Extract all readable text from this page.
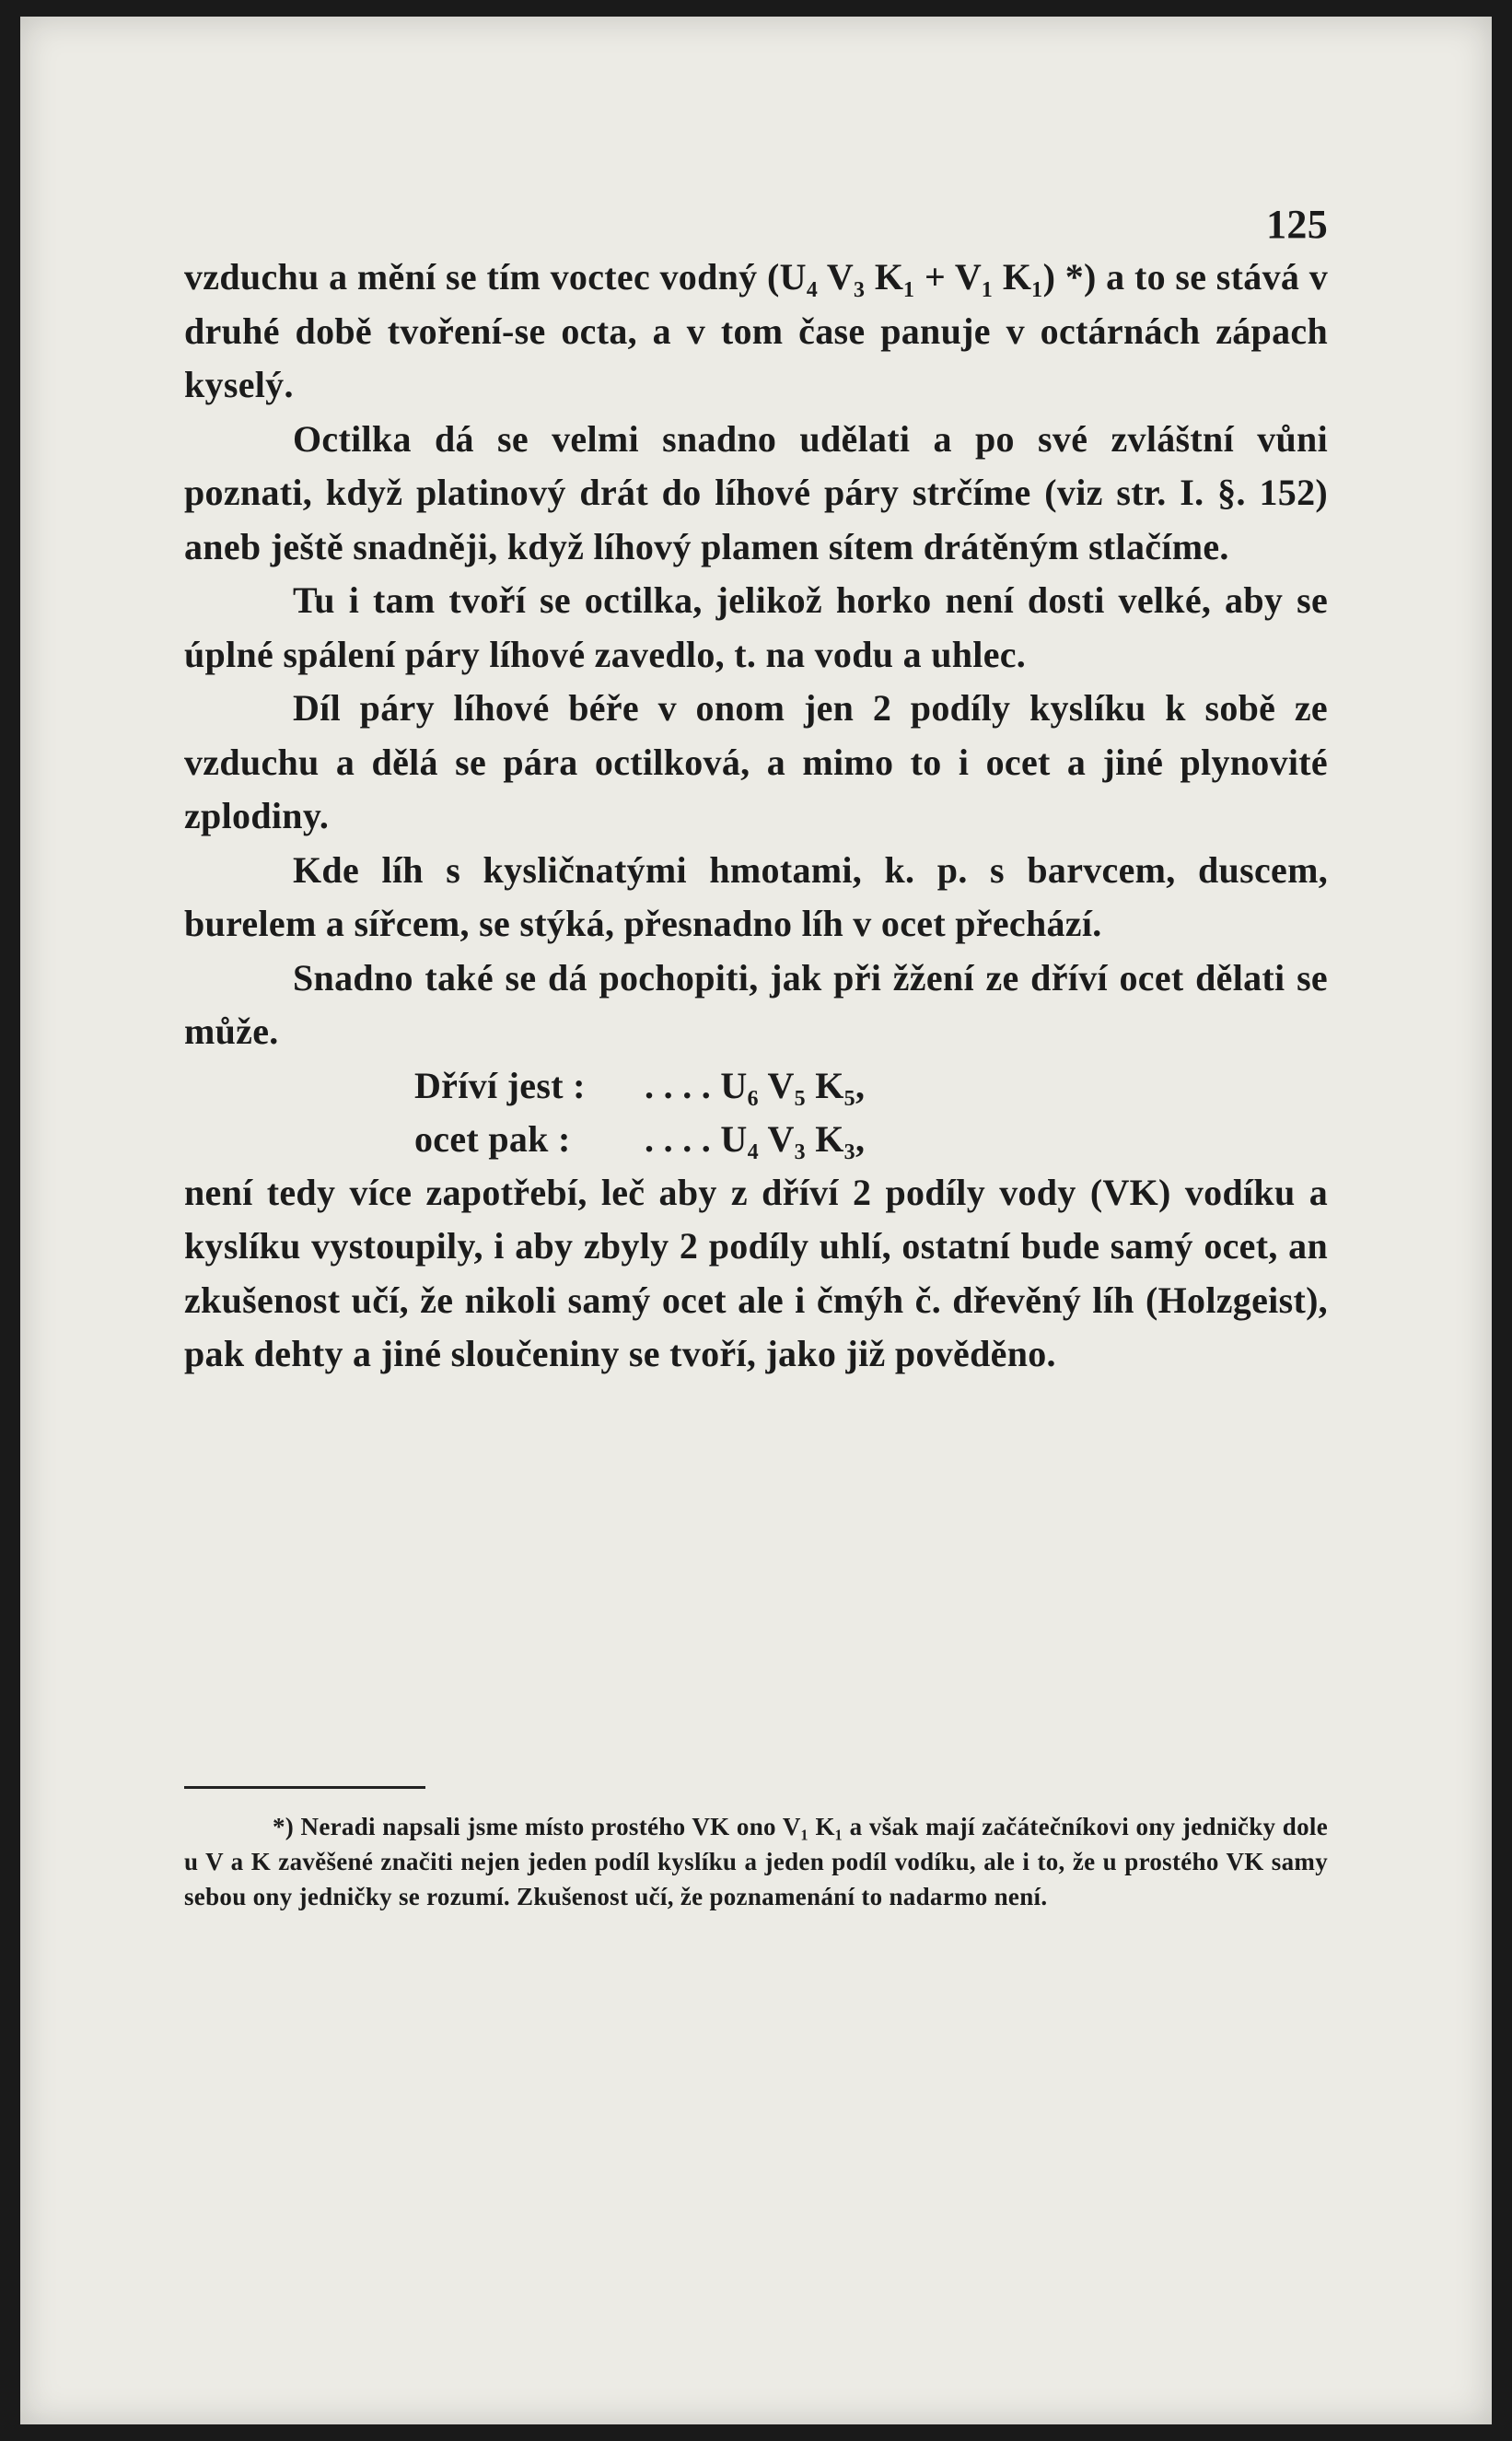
125

vzduchu a mění se tím voctec vodný (U₄ V₃ K₁ + V₁ K₁) *) a to se stává v druhé době tvoření-se octa, a v tom čase panuje v octárnách zápach kyselý.

Octilka dá se velmi snadno udělati a po své zvláštní vůni poznati, když platinový drát do líhové páry strčíme (viz str. I. §. 152) aneb ještě snadněji, když líhový plamen sítem drátěným stlačíme.

Tu i tam tvoří se octilka, jelikož horko není dosti velké, aby se úplné spálení páry líhové zavedlo, t. na vodu a uhlec.

Díl páry líhové béře v onom jen 2 podíly kyslíku k sobě ze vzduchu a dělá se pára octilková, a mimo to i ocet a jiné plynovité zplodiny.

Kde líh s kysličnatými hmotami, k. p. s barvcem, duscem, burelem a sířcem, se stýká, přesnadno líh v ocet přechází.

Snadno také se dá pochopiti, jak při žžení ze dříví ocet dělati se může.

Dříví jest :	. . . . U₆ V₅ K₅,
ocet pak :	. . . . U₄ V₃ K₃,

není tedy více zapotřebí, leč aby z dříví 2 podíly vody (VK) vodíku a kyslíku vystoupily, i aby zbyly 2 podíly uhlí, ostatní bude samý ocet, an zkušenost učí, že nikoli samý ocet ale i čmýh č. dřevěný líh (Holzgeist), pak dehty a jiné sloučeniny se tvoří, jako již pověděno.

*) Neradi napsali jsme místo prostého VK ono V₁ K₁ a však mají začátečníkovi ony jedničky dole u V a K zavěšené značiti nejen jeden podíl kyslíku a jeden podíl vodíku, ale i to, že u prostého VK samy sebou ony jedničky se rozumí. Zkušenost učí, že poznamenání to nadarmo není.
